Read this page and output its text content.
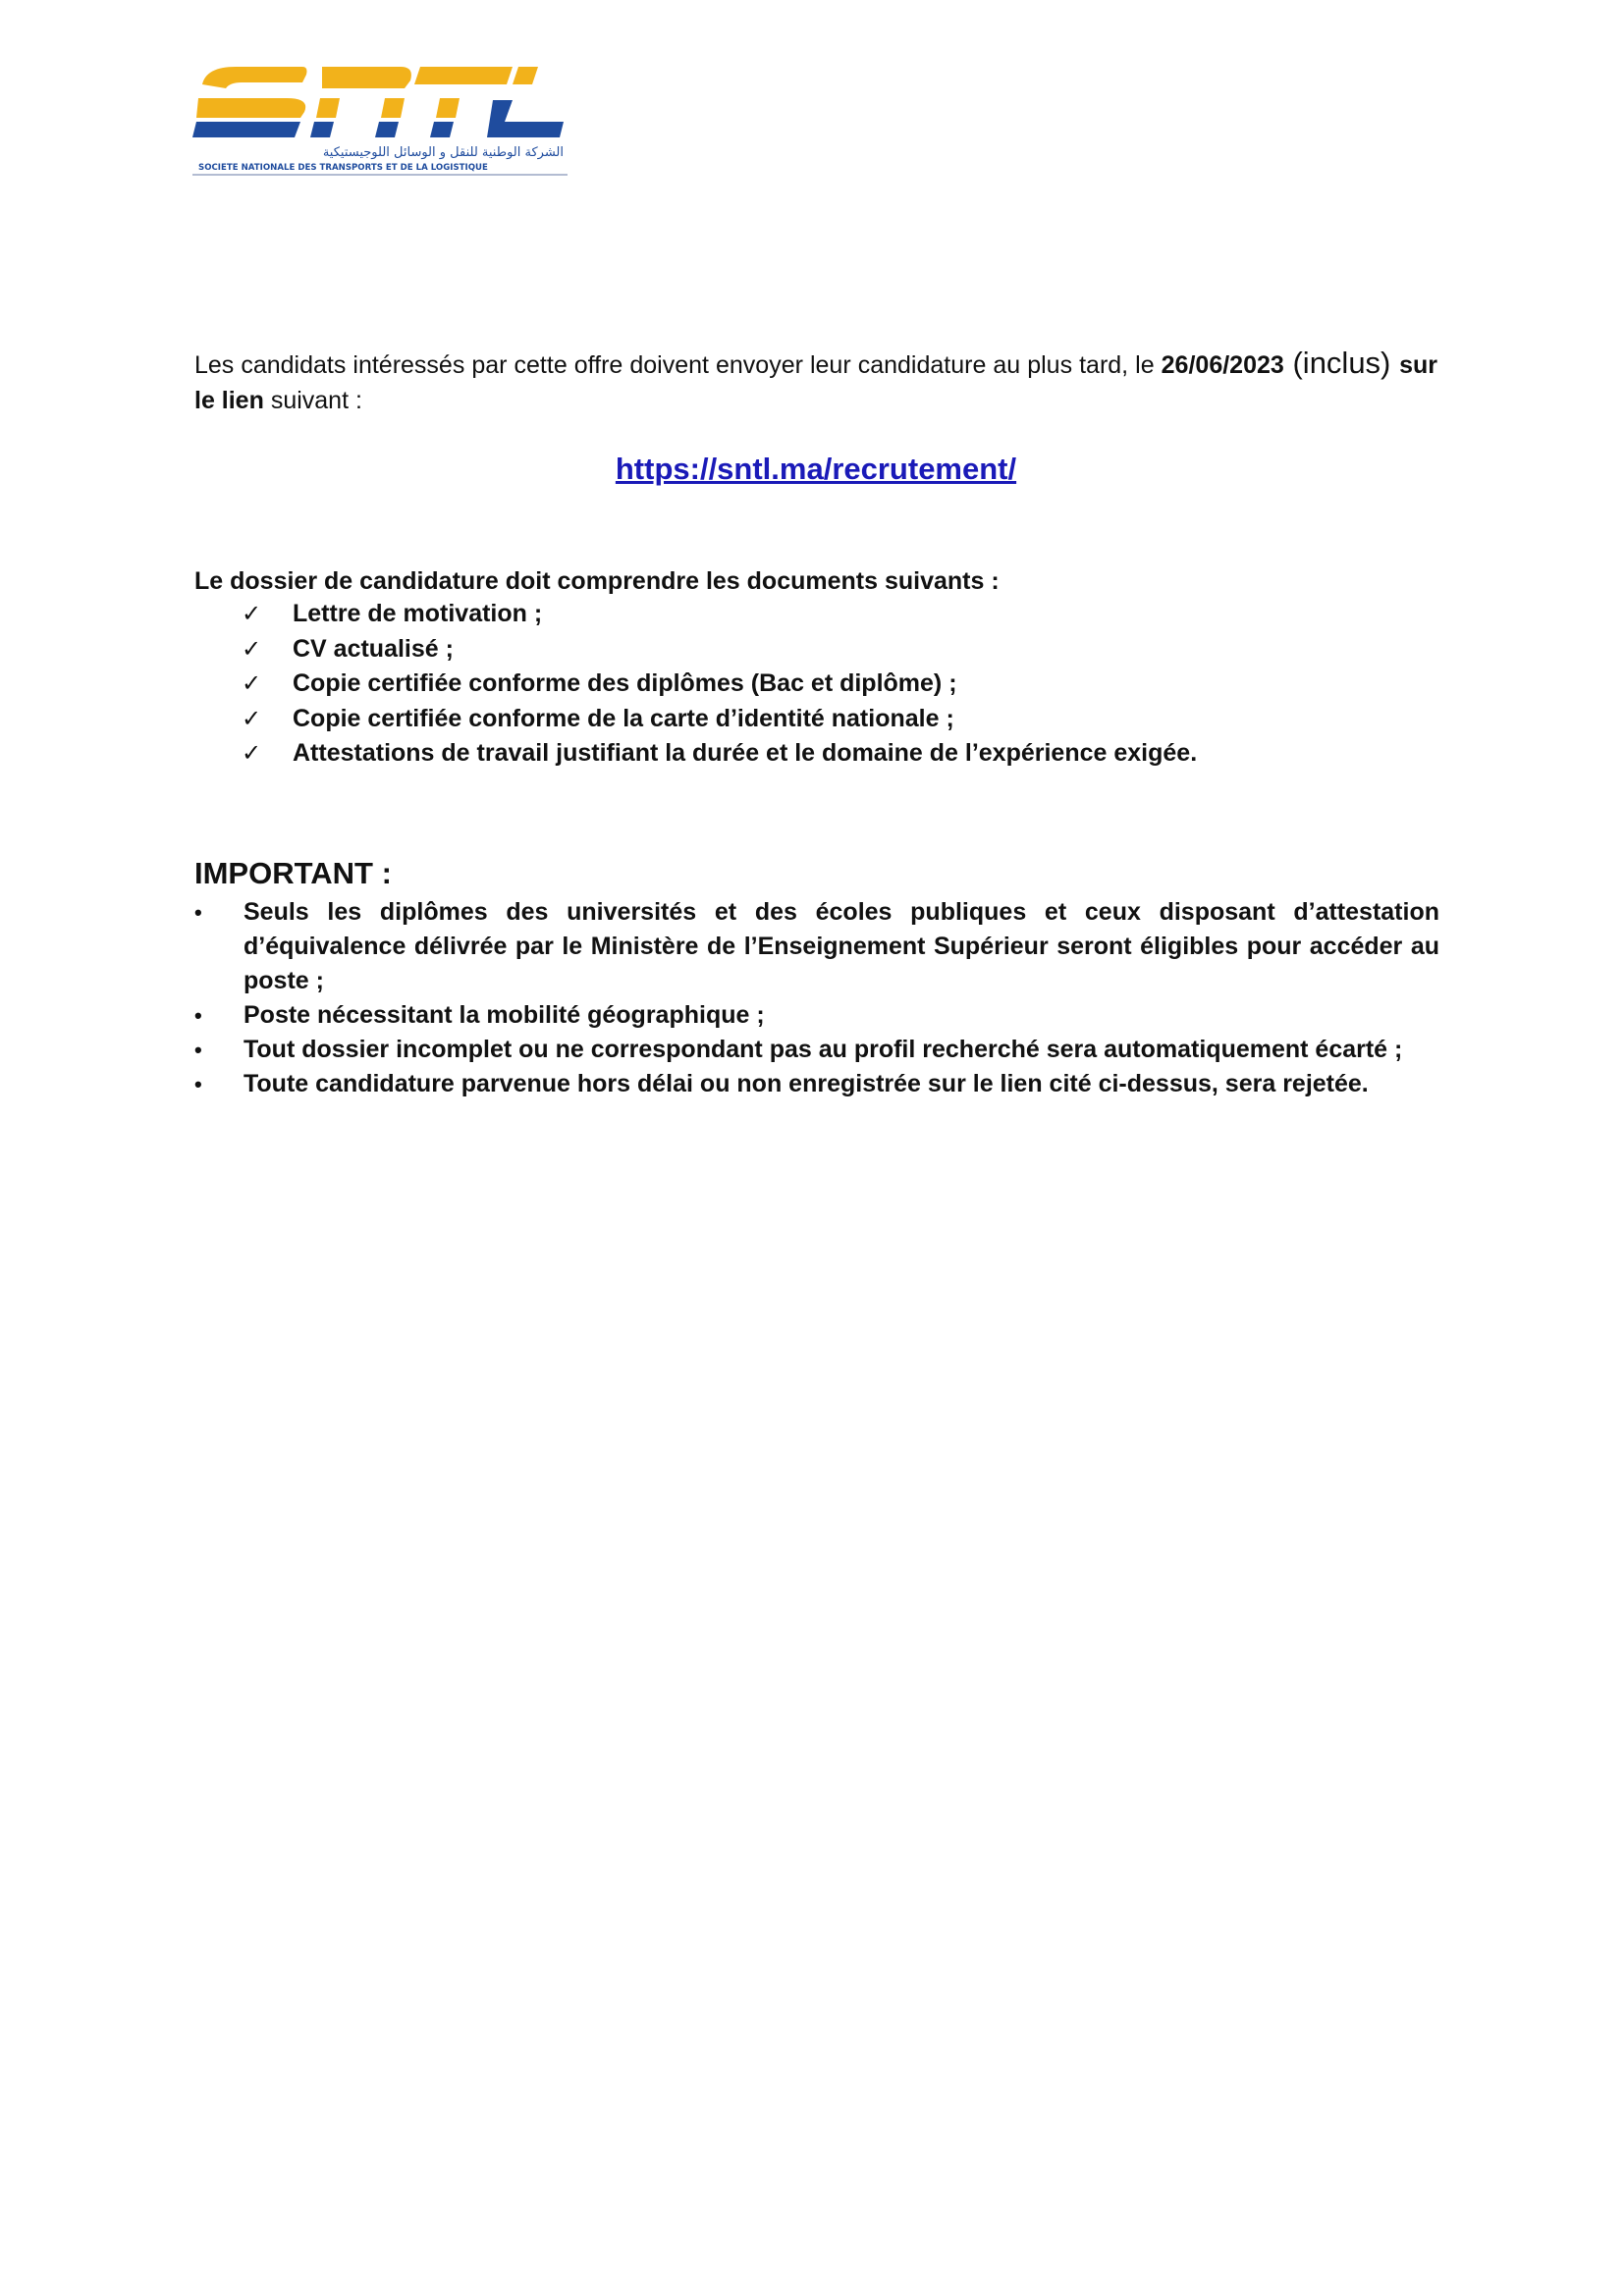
الشركة الوطنية للنقل و الوسائل اللوجيستيكية
SOCIETE NATIONALE DES TRANSPORTS ET DE LA LOGISTIQUE
Les candidats intéressés par cette offre doivent envoyer leur candidature au plus tard, le 26/06/2023 (inclus) sur le lien suivant :
https://sntl.ma/recrutement/
Le dossier de candidature doit comprendre les documents suivants :
✓	Lettre de motivation ;
✓	CV actualisé ;
✓	Copie certifiée conforme des diplômes (Bac et diplôme) ;
✓	Copie certifiée conforme de la carte d’identité nationale ;
✓	Attestations de travail justifiant la durée et le domaine de l’expérience exigée.
IMPORTANT :
•	Seuls les diplômes des universités et des écoles publiques et ceux disposant d’attestation d’équivalence délivrée par le Ministère de l’Enseignement Supérieur seront éligibles pour accéder au poste ;
•	Poste nécessitant la mobilité géographique ;
•	Tout dossier incomplet ou ne correspondant pas au profil recherché sera automatiquement écarté ;
•	Toute candidature parvenue hors délai ou non enregistrée sur le lien cité ci-dessus, sera rejetée.
